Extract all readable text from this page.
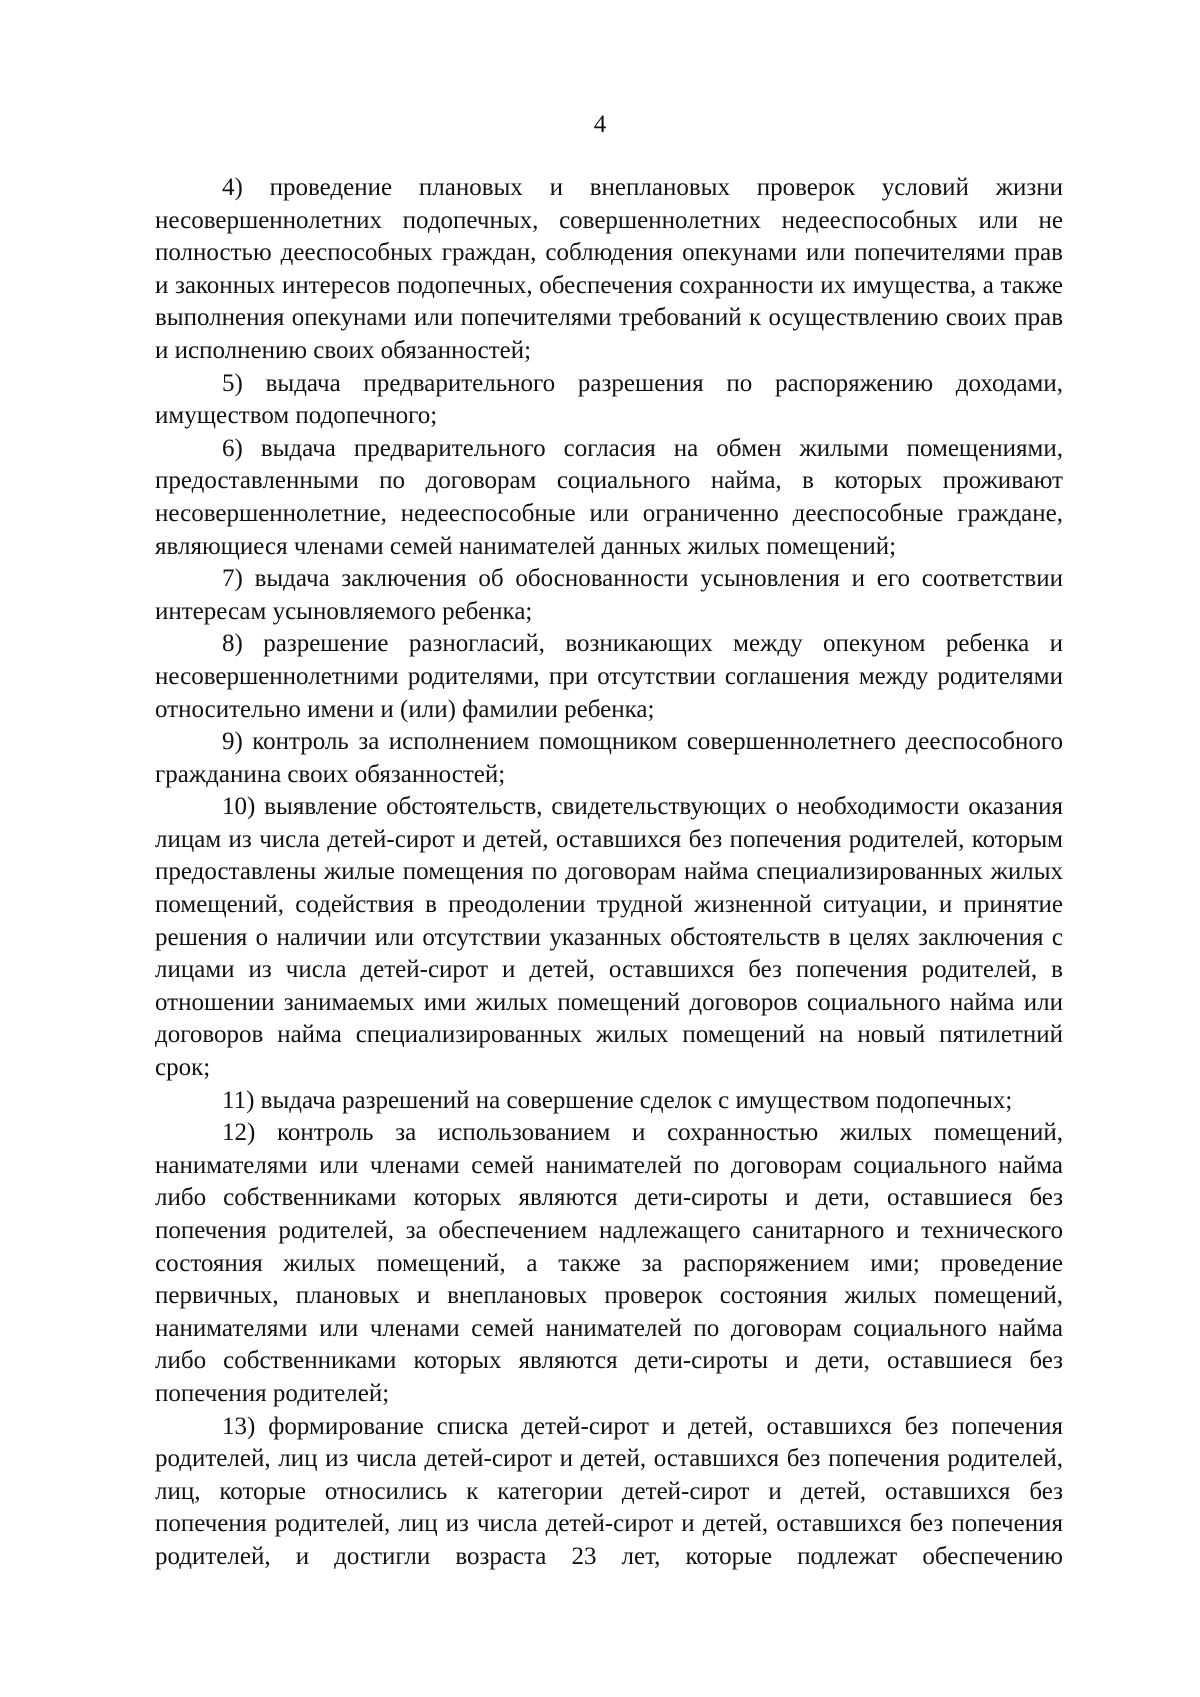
4

4) проведение плановых и внеплановых проверок условий жизни несовершеннолетних подопечных, совершеннолетних недееспособных или не полностью дееспособных граждан, соблюдения опекунами или попечителями прав и законных интересов подопечных, обеспечения сохранности их имущества, а также выполнения опекунами или попечителями требований к осуществлению своих прав и исполнению своих обязанностей;

5) выдача предварительного разрешения по распоряжению доходами, имуществом подопечного;

6) выдача предварительного согласия на обмен жилыми помещениями, предоставленными по договорам социального найма, в которых проживают несовершеннолетние, недееспособные или ограниченно дееспособные граждане, являющиеся членами семей нанимателей данных жилых помещений;

7) выдача заключения об обоснованности усыновления и его соответствии интересам усыновляемого ребенка;

8) разрешение разногласий, возникающих между опекуном ребенка и несовершеннолетними родителями, при отсутствии соглашения между родителями относительно имени и (или) фамилии ребенка;

9) контроль за исполнением помощником совершеннолетнего дееспособного гражданина своих обязанностей;

10) выявление обстоятельств, свидетельствующих о необходимости оказания лицам из числа детей-сирот и детей, оставшихся без попечения родителей, которым предоставлены жилые помещения по договорам найма специализированных жилых помещений, содействия в преодолении трудной жизненной ситуации, и принятие решения о наличии или отсутствии указанных обстоятельств в целях заключения с лицами из числа детей-сирот и детей, оставшихся без попечения родителей, в отношении занимаемых ими жилых помещений договоров социального найма или договоров найма специализированных жилых помещений на новый пятилетний срок;

11) выдача разрешений на совершение сделок с имуществом подопечных;

12) контроль за использованием и сохранностью жилых помещений, нанимателями или членами семей нанимателей по договорам социального найма либо собственниками которых являются дети-сироты и дети, оставшиеся без попечения родителей, за обеспечением надлежащего санитарного и технического состояния жилых помещений, а также за распоряжением ими; проведение первичных, плановых и внеплановых проверок состояния жилых помещений, нанимателями или членами семей нанимателей по договорам социального найма либо собственниками которых являются дети-сироты и дети, оставшиеся без попечения родителей;

13) формирование списка детей-сирот и детей, оставшихся без попечения родителей, лиц из числа детей-сирот и детей, оставшихся без попечения родителей, лиц, которые относились к категории детей-сирот и детей, оставшихся без попечения родителей, лиц из числа детей-сирот и детей, оставшихся без попечения родителей, и достигли возраста 23 лет, которые подлежат обеспечению
